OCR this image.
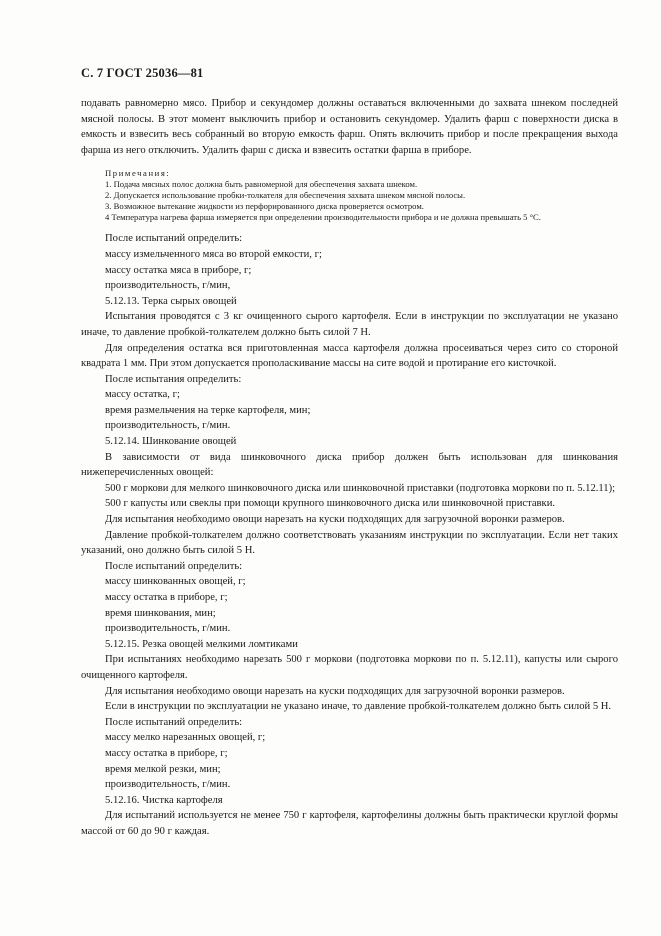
С. 7 ГОСТ 25036—81

подавать равномерно мясо. Прибор и секундомер должны оставаться включенными до захвата шнеком последней мясной полосы. В этот момент выключить прибор и остановить секундомер. Удалить фарш с поверхности диска в емкость и взвесить весь собранный во вторую емкость фарш. Опять включить прибор и после прекращения выхода фарша из него отключить. Удалить фарш с диска и взвесить остатки фарша в приборе.

Примечания:
1. Подача мясных полос должна быть равномерной для обеспечения захвата шнеком.
2. Допускается использование пробки-толкателя для обеспечения захвата шнеком мясной полосы.
3. Возможное вытекание жидкости из перфорированного диска проверяется осмотром.
4 Температура нагрева фарша измеряется при определении производительности прибора и не должна превышать 5 °С.

После испытаний определить:

массу измельченного мяса во второй емкости, г;

массу остатка мяса в приборе, г;

производительность, г/мин,

5.12.13. Терка сырых овощей

Испытания проводятся с 3 кг очищенного сырого картофеля. Если в инструкции по эксплуатации не указано иначе, то давление пробкой-толкателем должно быть силой 7 Н.

Для определения остатка вся приготовленная масса картофеля должна просеиваться через сито со стороной квадрата 1 мм. При этом допускается прополаскивание массы на сите водой и протирание его кисточкой.

После испытания определить:

массу остатка, г;

время размельчения на терке картофеля, мин;

производительность, г/мин.

5.12.14. Шинкование овощей

В зависимости от вида шинковочного диска прибор должен быть использован для шинкования нижеперечисленных овощей:

500 г моркови для мелкого шинковочного диска или шинковочной приставки (подготовка моркови по п. 5.12.11);

500 г капусты или свеклы при помощи крупного шинковочного диска или шинковочной приставки.

Для испытания необходимо овощи нарезать на куски подходящих для загрузочной воронки размеров.

Давление пробкой-толкателем должно соответствовать указаниям инструкции по эксплуатации. Если нет таких указаний, оно должно быть силой 5 Н.

После испытаний определить:

массу шинкованных овощей, г;

массу остатка в приборе, г;

время шинкования, мин;

производительность, г/мин.

5.12.15. Резка овощей мелкими ломтиками

При испытаниях необходимо нарезать 500 г моркови (подготовка моркови по п. 5.12.11), капусты или сырого очищенного картофеля.

Для испытания необходимо овощи нарезать на куски подходящих для загрузочной воронки размеров.

Если в инструкции по эксплуатации не указано иначе, то давление пробкой-толкателем должно быть силой 5 Н.

После испытаний определить:

массу мелко нарезанных овощей, г;

массу остатка в приборе, г;

время мелкой резки, мин;

производительность, г/мин.

5.12.16. Чистка картофеля

Для испытаний используется не менее 750 г картофеля, картофелины должны быть практически круглой формы массой от 60 до 90 г каждая.
